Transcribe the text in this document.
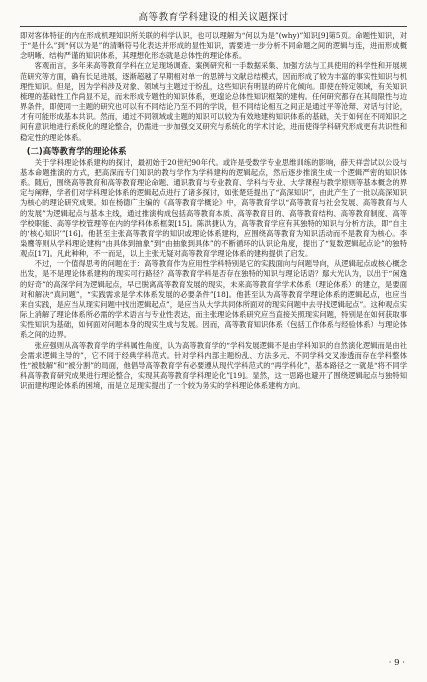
高等教育学科建设的相关议题探讨

即对客体特征的内在形成机理知识所关联的科学认识，也可以理解为“何以为是”(why)”知识[9]第5页。命题性知识，对于“是什么”到“何以为是”的清晰符号化表达并形成的显性知识，需要进一步分析不同命题之间的逻辑与连，进而形成概念明晰、结构严谨的知识体系，其理想化形态就是总体性的理论体系。

客观而言，多年来高等教育学科在立足现场调查、案例研究和一手数据采集、加强方法与工具使用的科学性和开展规范研究等方面，确有长足进展，逐渐超越了早期相对单一的思辨与文献总结模式，因而形成了较为丰富的事实性知识与机理性知识。但是，因为学科涉及对象、领域与主题过于纷乱，这些知识有明显的碎片化倾向。即使在特定领域，有关知识梳理的基础性工作尚显不足，而未形成专题性的知识体系，更遑论总体性知识框架的建构。任何研究都存在其局限性与边界条件，即使同一主题的研究也可以有不同结论乃至不同的学说，但不同结论相互之间正是通过平等沧辩、对话与讨论，才有可能形成基本共识。然而，通过不同领域或主题的知识可以较为有效地建构知识体系的基础，关于如何在不同知识之间有意识地进行系统化的理论整合，仍需进一步加强交叉研究与系统化的学术讨论，进而使得学科研究形成更有共识性和稳定性的理论体系。

(二)高等教育学的理论体系

关于学科理论体系建构的探讨，最初始于20世纪90年代。或许是受数学专业思维训练的影响，薛天祥尝试以公设与基本命题推演的方式，把高深而专门知识的教与学作为学科建构的逻辑起点，然后逐步推演生成一个逻辑严密的知识体系。随后，围绕高等教育和高等教育理论命题、通识教育与专业教育、学科与专业、大学课程与教学原则等基本概念的界定与阐释，学者们对学科理论体系的逻辑起点进行了诸多探讨，如张楚廷提出了“高深知识”，由此产生了一批以高深知识为核心的理论研究成果。如在杨德广主编的《高等教育学概论》中，高等教育学以“高等教育与社会发展、高等教育与人的发展”为逻辑起点与基本主线，通过推演构成包括高等教育本质、高等教育目的、高等教育结构、高等教育制度、高等学校职能、高等学校管理等在内的学科体系框架[15]。陈洪捷认为，高等教育学应有其独特的知识与分析方法，即“自主的‘核心知识’”[16]。他甚至主张高等教育学的知识或理论体系建构，应围绕高等教育为知识活动而不是教育为核心。李枭鹰等则从学科理论建构“由具体到抽象”到“由抽象到具体”的不断循环的认识论角度，提出了“复数逻辑起点论”的独特观点[17]。凡此种种，不一而足，以上主张无疑对高等教育学理论体系的建构提供了启发。

不过，一个值得思考的问题在于：高等教育作为应用性学科特别是它的实践面向与问题导向，从逻辑起点或核心概念出发，是不是理论体系建构的现实可行路径？高等教育学科是否存在独特的知识与理论话语？鄢大光认为，以出于“闲逸的好奇”的高深学问为逻辑起点，早已脱离高等教育发展的现实，未来高等教育学学术体系（理论体系）的建立，是要面对和解决“真问题”，“实践需求是学术体系发展的必要条件”[18]。他甚至认为高等教育学理论体系的逻辑起点，也应当来自实践，是应当从现实问题中找出逻辑起点”，是应当从大学共同体所面对的现实问题中去寻找逻辑起点”。这种观点实际上消解了理论体系所必需的学术语言与专业性表达，而主张理论体系研究应当直接关照现实问题，特别是在如何获取事实性知识为基础，如何面对问题本身的现实生成与发展。因而，高等教育知识体系（包括工作体系与经验体系）与理论体系之间的边界。

张应强则从高等教育学的学科属性角度，认为高等教育学的“学科发展逻辑不是由学科知识的自然演化逻辑而是由社会需求逻辑主导的”，它不同于经典学科范式。针对学科内部主题纷乱、方法多元、不同学科交叉渗透而存在学科整体性“被肢解”和“被分割”的局面，他倡导高等教育学有必要遵从现代学科范式的“再学科化”，基本路径之一就是“将不同学科高等教育研究成果进行理论整合，实现其高等教育学科理论化”[19]。显然，这一思路也避开了围绕逻辑起点与独特知识而建构理论体系的困境，而是立足现实提出了一个较为务实的学科理论体系建构方向。

· 9 ·
